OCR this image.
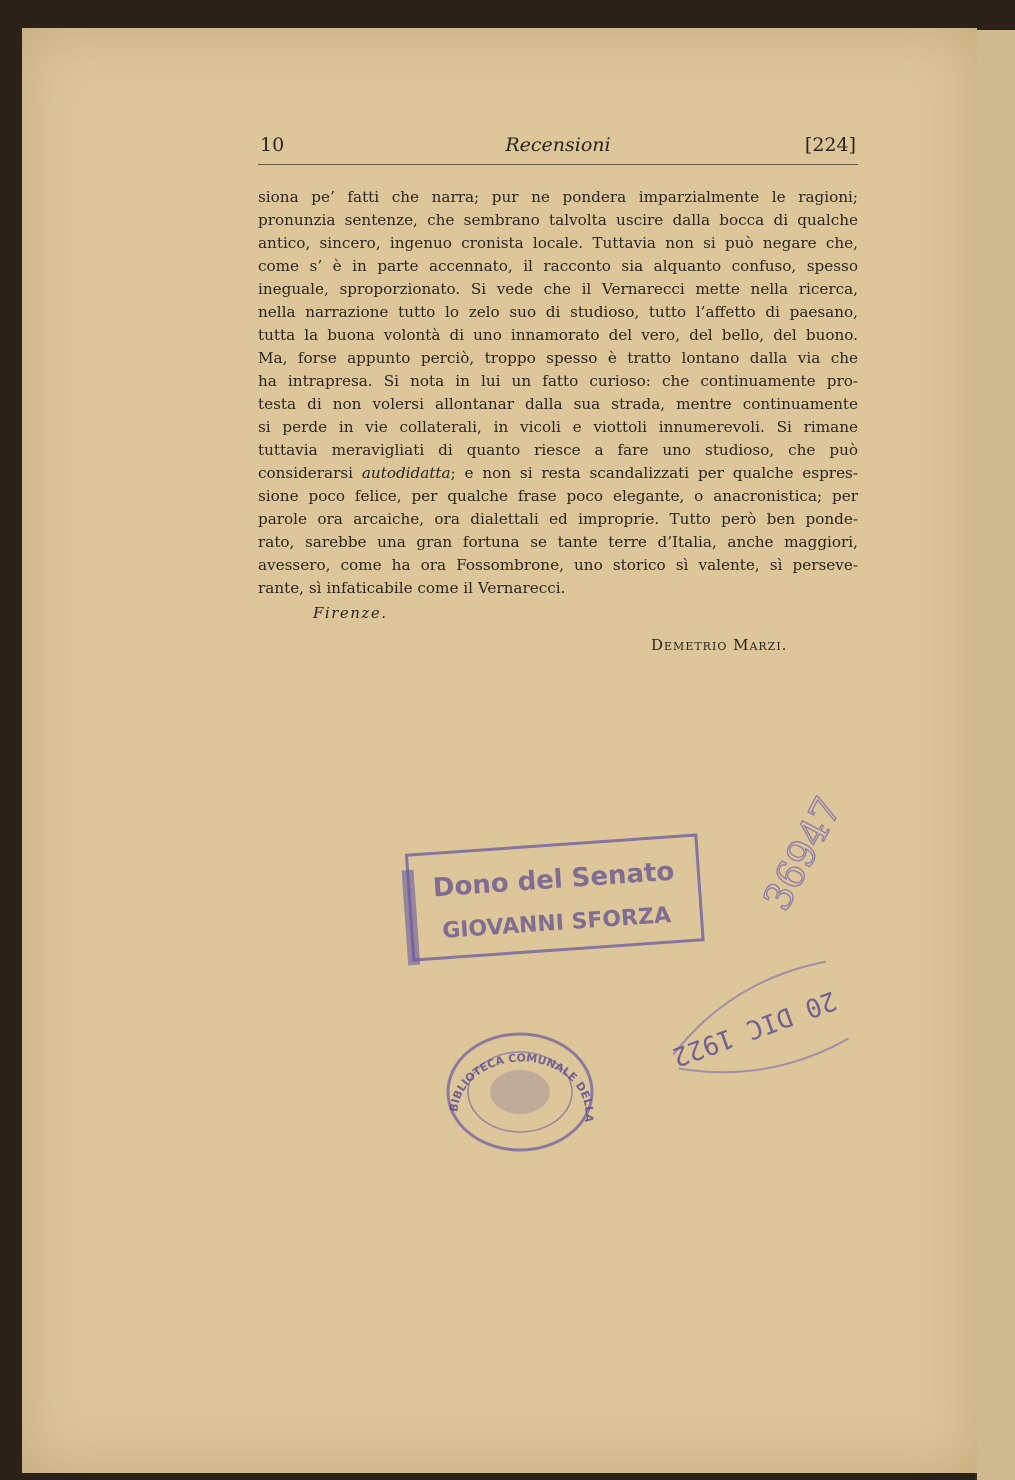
10	Recensioni	[224]
siona pe’ fatti che narra; pur ne pondera imparzialmente le ragioni;
pronunzia sentenze, che sembrano talvolta uscire dalla bocca di qualche
antico, sincero, ingenuo cronista locale. Tuttavia non si può negare che,
come s’ è in parte accennato, il racconto sia alquanto confuso, spesso
ineguale, sproporzionato. Si vede che il Vernarecci mette nella ricerca,
nella narrazione tutto lo zelo suo di studioso, tutto l’affetto di paesano,
tutta la buona volontà di uno innamorato del vero, del bello, del buono.
Ma, forse appunto perciò, troppo spesso è tratto lontano dalla via che
ha intrapresa. Si nota in lui un fatto curioso: che continuamente pro-
testa di non volersi allontanar dalla sua strada, mentre continuamente
si perde in vie collaterali, in vicoli e viottoli innumerevoli. Si rimane
tuttavia meravigliati di quanto riesce a fare uno studioso, che può
considerarsi autodidatta; e non si resta scandalizzati per qualche espres-
sione poco felice, per qualche frase poco elegante, o anacronistica; per
parole ora arcaiche, ora dialettali ed improprie. Tutto però ben ponde-
rato, sarebbe una gran fortuna se tante terre d’Italia, anche maggiori,
avessero, come ha ora Fossombrone, uno storico sì valente, sì perseve-
rante, sì infaticabile come il Vernarecci.
Firenze.
Demetrio Marzi.
Dono del Senato
GIOVANNI SFORZA
36947
20 DIC 1922
BIBLIOTECA COMUNALE DELLA
